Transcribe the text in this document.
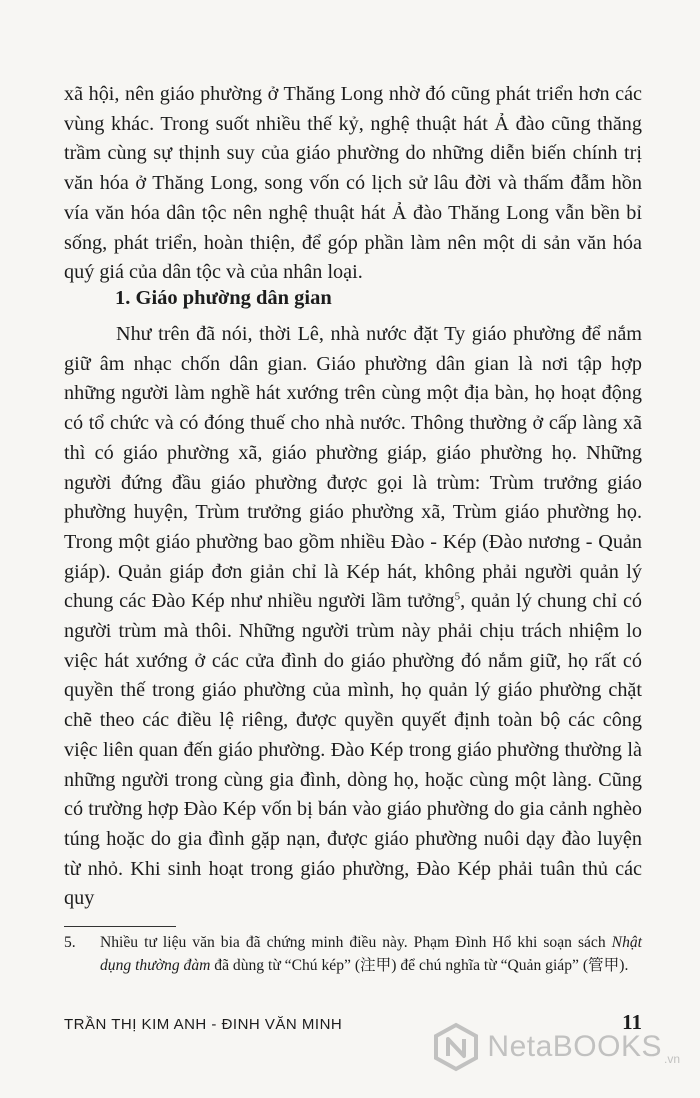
xã hội, nên giáo phường ở Thăng Long nhờ đó cũng phát triển hơn các vùng khác. Trong suốt nhiều thế kỷ, nghệ thuật hát Ả đào cũng thăng trầm cùng sự thịnh suy của giáo phường do những diễn biến chính trị văn hóa ở Thăng Long, song vốn có lịch sử lâu đời và thấm đẫm hồn vía văn hóa dân tộc nên nghệ thuật hát Ả đào Thăng Long vẫn bền bỉ sống, phát triển, hoàn thiện, để góp phần làm nên một di sản văn hóa quý giá của dân tộc và của nhân loại.

1. Giáo phường dân gian

Như trên đã nói, thời Lê, nhà nước đặt Ty giáo phường để nắm giữ âm nhạc chốn dân gian. Giáo phường dân gian là nơi tập hợp những người làm nghề hát xướng trên cùng một địa bàn, họ hoạt động có tổ chức và có đóng thuế cho nhà nước. Thông thường ở cấp làng xã thì có giáo phường xã, giáo phường giáp, giáo phường họ. Những người đứng đầu giáo phường được gọi là trùm: Trùm trưởng giáo phường huyện, Trùm trưởng giáo phường xã, Trùm giáo phường họ. Trong một giáo phường bao gồm nhiều Đào - Kép (Đào nương - Quản giáp). Quản giáp đơn giản chỉ là Kép hát, không phải người quản lý chung các Đào Kép như nhiều người lầm tưởng$^5$, quản lý chung chỉ có người trùm mà thôi. Những người trùm này phải chịu trách nhiệm lo việc hát xướng ở các cửa đình do giáo phường đó nắm giữ, họ rất có quyền thế trong giáo phường của mình, họ quản lý giáo phường chặt chẽ theo các điều lệ riêng, được quyền quyết định toàn bộ các công việc liên quan đến giáo phường. Đào Kép trong giáo phường thường là những người trong cùng gia đình, dòng họ, hoặc cùng một làng. Cũng có trường hợp Đào Kép vốn bị bán vào giáo phường do gia cảnh nghèo túng hoặc do gia đình gặp nạn, được giáo phường nuôi dạy đào luyện từ nhỏ. Khi sinh hoạt trong giáo phường, Đào Kép phải tuân thủ các quy

5. Nhiều tư liệu văn bia đã chứng minh điều này. Phạm Đình Hổ khi soạn sách Nhật dụng thường đàm đã dùng từ “Chú kép” (注甲) để chú nghĩa từ “Quản giáp” (管甲).

TRẦN THỊ KIM ANH - ĐINH VĂN MINH	11
NetaBOOKS .vn
